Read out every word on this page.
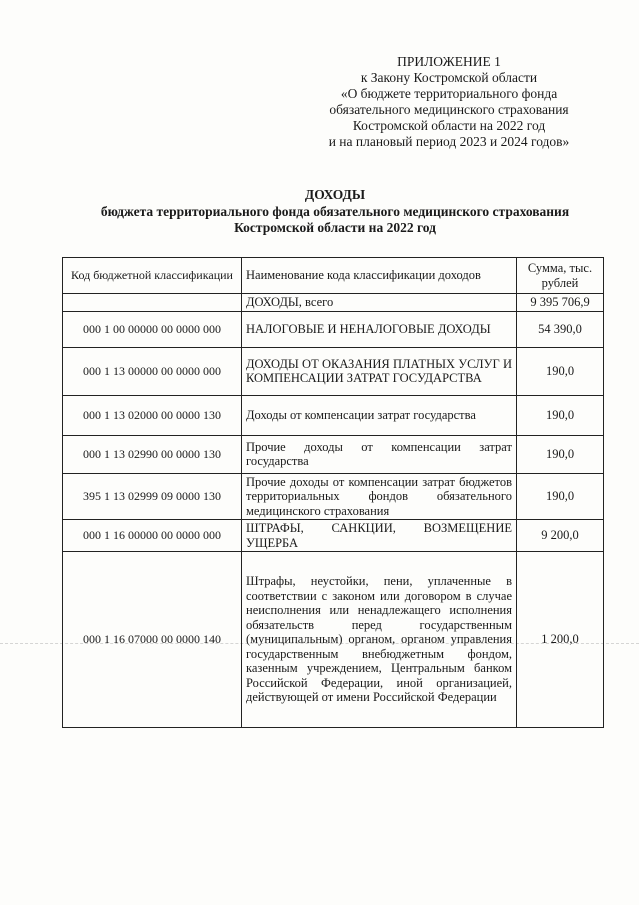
ПРИЛОЖЕНИЕ 1
к Закону Костромской области
«О бюджете территориального фонда
обязательного медицинского страхования
Костромской области на 2022 год
и на плановый период 2023 и 2024 годов»
ДОХОДЫ
бюджета территориального фонда обязательного медицинского страхования
Костромской области на 2022 год
Код бюджетной классификации	Наименование кода классификации доходов	Сумма, тыс. рублей
	ДОХОДЫ, всего	9 395 706,9
000 1 00 00000 00 0000 000	НАЛОГОВЫЕ И НЕНАЛОГОВЫЕ ДОХОДЫ	54 390,0
000 1 13 00000 00 0000 000	ДОХОДЫ ОТ ОКАЗАНИЯ ПЛАТНЫХ УСЛУГ И КОМПЕНСАЦИИ ЗАТРАТ ГОСУДАРСТВА	190,0
000 1 13 02000 00 0000 130	Доходы от компенсации затрат государства	190,0
000 1 13 02990 00 0000 130	Прочие доходы от компенсации затрат государства	190,0
395 1 13 02999 09 0000 130	Прочие доходы от компенсации затрат бюджетов территориальных фондов обязательного медицинского страхования	190,0
000 1 16 00000 00 0000 000	ШТРАФЫ, САНКЦИИ, ВОЗМЕЩЕНИЕ УЩЕРБА	9 200,0
000 1 16 07000 00 0000 140	Штрафы, неустойки, пени, уплаченные в соответствии с законом или договором в случае неисполнения или ненадлежащего исполнения обязательств перед государственным (муниципальным) органом, органом управления государственным внебюджетным фондом, казенным учреждением, Центральным банком Российской Федерации, иной организацией, действующей от имени Российской Федерации	1 200,0
